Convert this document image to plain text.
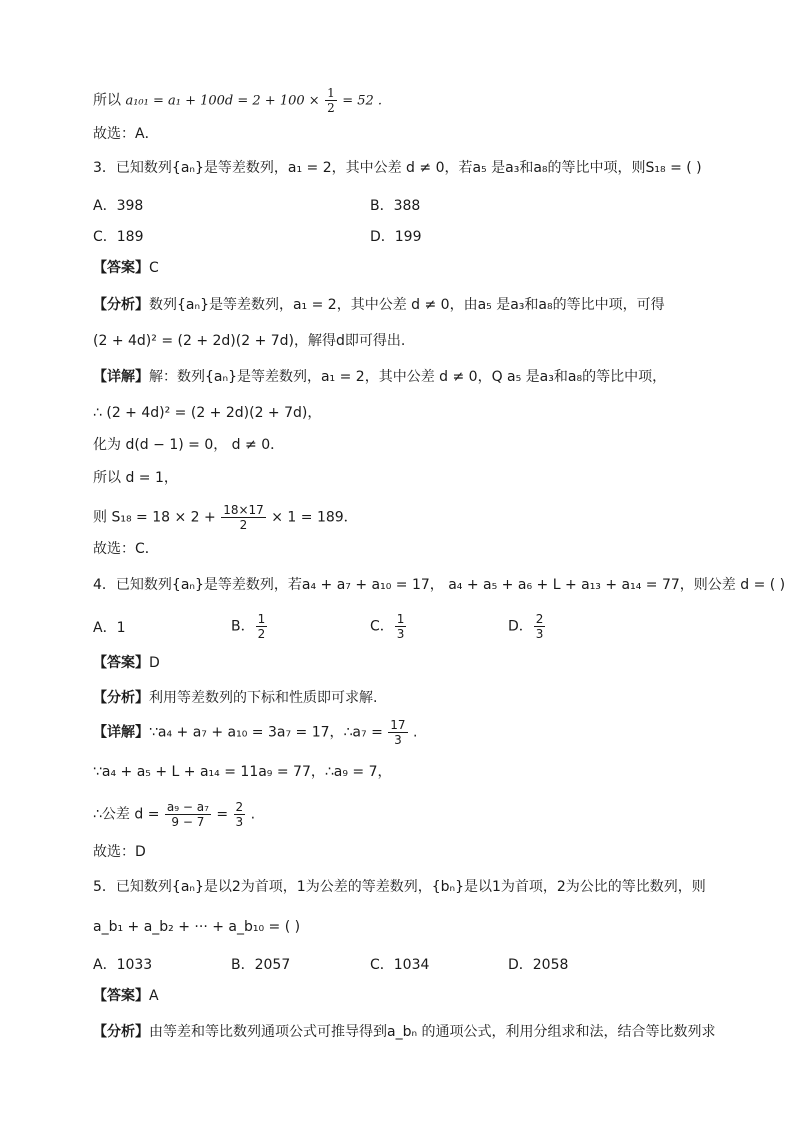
所以 $a_{101} = a_1 + 100d = 2 + 100 \times \frac{1}{2} = 52$ .
故选：A．
3．已知数列{aₙ}是等差数列，a₁ = 2，其中公差 d ≠ 0，若a₅ 是a₃和a₈的等比中项，则S₁₈ = ( )
A．398	B．388
C．189	D．199
【答案】C
【分析】数列{aₙ}是等差数列，a₁ = 2，其中公差 d ≠ 0，由a₅ 是a₃和a₈的等比中项，可得
(2 + 4d)² = (2 + 2d)(2 + 7d)，解得d即可得出.
【详解】解：数列{aₙ}是等差数列，a₁ = 2，其中公差 d ≠ 0，Q a₅ 是a₃和a₈的等比中项，
∴ (2 + 4d)² = (2 + 2d)(2 + 7d)，
化为 d(d − 1) = 0， d ≠ 0．
所以 d = 1，
则 $S_{18} = 18 \times 2 + \frac{18\times 17}{2} \times 1 = 189$．
故选：C．
4．已知数列{aₙ}是等差数列，若a₄ + a₇ + a₁₀ = 17， a₄ + a₅ + a₆ + L + a₁₃ + a₁₄ = 77，则公差 d = ( )
A．1	B． $\frac{1}{2}$	C． $\frac{1}{3}$	D． $\frac{2}{3}$
【答案】D
【分析】利用等差数列的下标和性质即可求解.
【详解】∵a₄ + a₇ + a₁₀ = 3a₇ = 17，∴a₇ = $\frac{17}{3}$ .
∵a₄ + a₅ + L + a₁₄ = 11a₉ = 77，∴a₉ = 7，
∴公差 $d = \frac{\text{a₉ − a₇}}{9 - 7} = \frac{2}{3}$ .
故选：D
5．已知数列{aₙ}是以2为首项，1为公差的等差数列，{bₙ}是以1为首项，2为公比的等比数列，则
a_b₁ + a_b₂ + ··· + a_b₁₀ = ( )
A．1033	B．2057	C．1034	D．2058
【答案】A
【分析】由等差和等比数列通项公式可推导得到a_bₙ 的通项公式，利用分组求和法，结合等比数列求
